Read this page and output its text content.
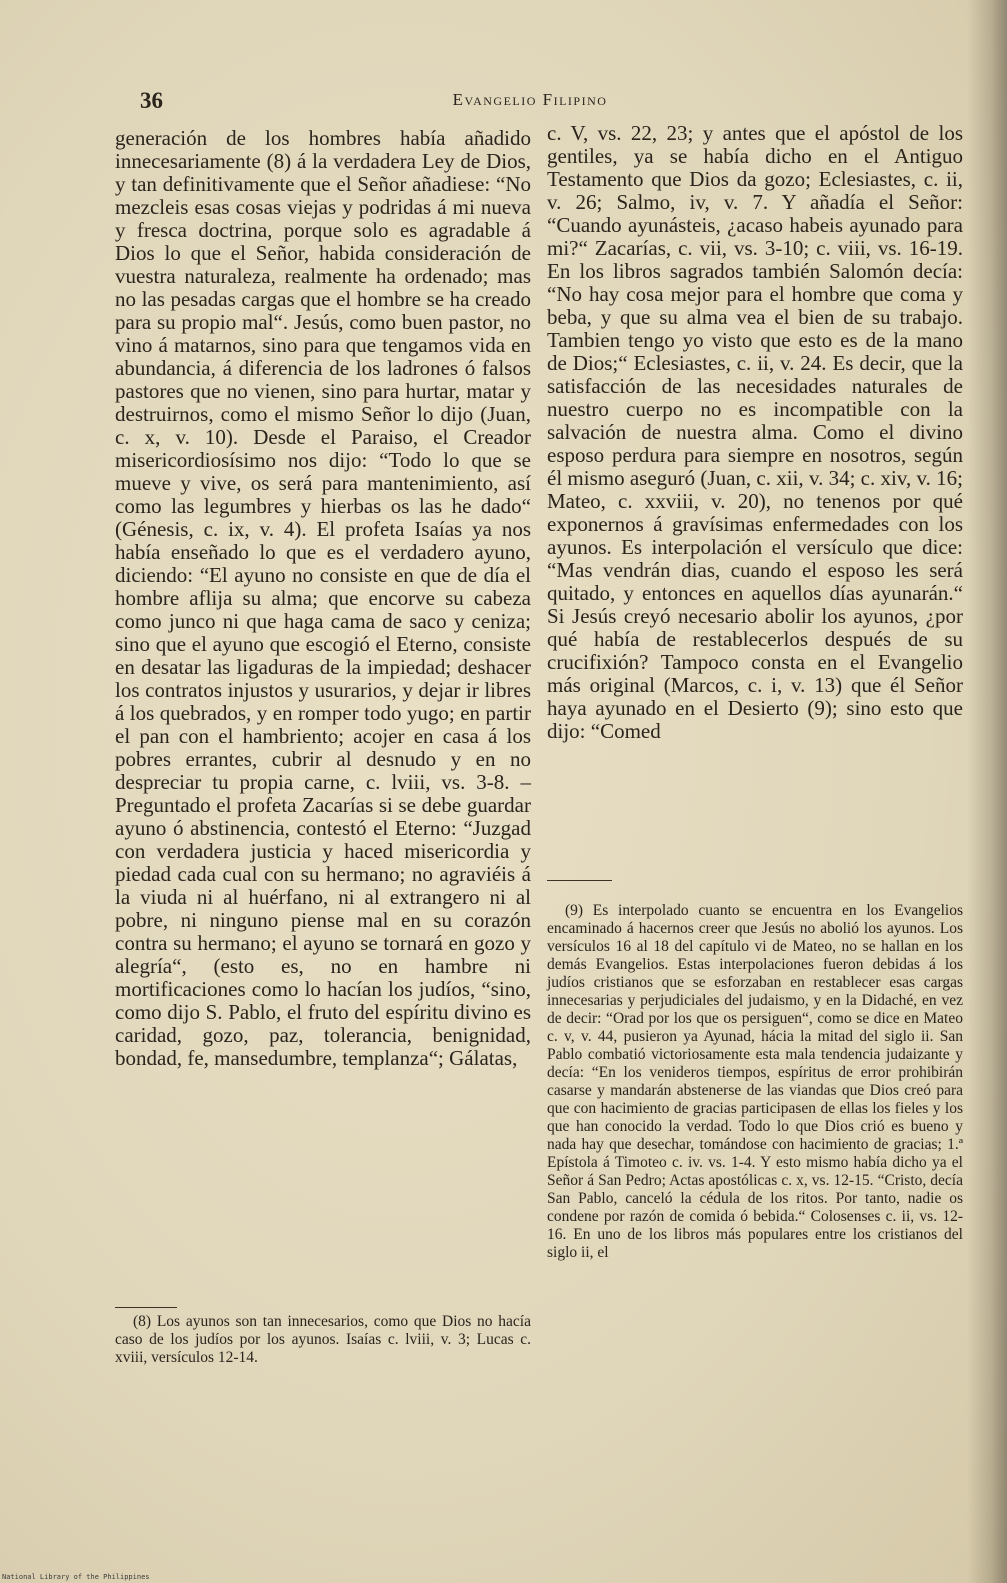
36	Evangelio Filipino

generación de los hombres había añadido innecesariamente (8) á la verdadera Ley de Dios, y tan definitivamente que el Señor añadiese: “No mezcleis esas cosas viejas y podridas á mi nueva y fresca doctrina, porque solo es agradable á Dios lo que el Señor, habida consideración de vuestra naturaleza, realmente ha ordenado; mas no las pesadas cargas que el hombre se ha creado para su propio mal“. Jesús, como buen pastor, no vino á matarnos, sino para que tengamos vida en abundancia, á diferencia de los ladrones ó falsos pastores que no vienen, sino para hurtar, matar y destruirnos, como el mismo Señor lo dijo (Juan, c. x, v. 10). Desde el Paraiso, el Creador misericordiosísimo nos dijo: “Todo lo que se mueve y vive, os será para mantenimiento, así como las legumbres y hierbas os las he dado“ (Génesis, c. ix, v. 4). El profeta Isaías ya nos había enseñado lo que es el verdadero ayuno, diciendo: “El ayuno no consiste en que de día el hombre aflija su alma; que encorve su cabeza como junco ni que haga cama de saco y ceniza; sino que el ayuno que escogió el Eterno, consiste en desatar las ligaduras de la impiedad; deshacer los contratos injustos y usurarios, y dejar ir libres á los quebrados, y en romper todo yugo; en partir el pan con el hambriento; acojer en casa á los pobres errantes, cubrir al desnudo y en no despreciar tu propia carne, c. lviii, vs. 3-8. – Preguntado el profeta Zacarías si se debe guardar ayuno ó abstinencia, contestó el Eterno: “Juzgad con verdadera justicia y haced misericordia y piedad cada cual con su hermano; no agraviéis á la viuda ni al huérfano, ni al extrangero ni al pobre, ni ninguno piense mal en su corazón contra su hermano; el ayuno se tornará en gozo y alegría“, (esto es, no en hambre ni mortificaciones como lo hacían los judíos, “sino, como dijo S. Pablo, el fruto del espíritu divino es caridad, gozo, paz, tolerancia, benignidad, bondad, fe, mansedumbre, templanza“; Gálatas,

c. V, vs. 22, 23; y antes que el apóstol de los gentiles, ya se había dicho en el Antiguo Testamento que Dios da gozo; Eclesiastes, c. ii, v. 26; Salmo, iv, v. 7. Y añadía el Señor: “Cuando ayunásteis, ¿acaso habeis ayunado para mi?“ Zacarías, c. vii, vs. 3-10; c. viii, vs. 16-19. En los libros sagrados también Salomón decía: “No hay cosa mejor para el hombre que coma y beba, y que su alma vea el bien de su trabajo. Tambien tengo yo visto que esto es de la mano de Dios;“ Eclesiastes, c. ii, v. 24. Es decir, que la satisfacción de las necesidades naturales de nuestro cuerpo no es incompatible con la salvación de nuestra alma. Como el divino esposo perdura para siempre en nosotros, según él mismo aseguró (Juan, c. xii, v. 34; c. xiv, v. 16; Mateo, c. xxviii, v. 20), no tenenos por qué exponernos á gravísimas enfermedades con los ayunos. Es interpolación el versículo que dice: “Mas vendrán dias, cuando el esposo les será quitado, y entonces en aquellos días ayunarán.“ Si Jesús creyó necesario abolir los ayunos, ¿por qué había de restablecerlos después de su crucifixión? Tampoco consta en el Evangelio más original (Marcos, c. i, v. 13) que él Señor haya ayunado en el Desierto (9); sino esto que dijo: “Comed

(9) Es interpolado cuanto se encuentra en los Evangelios encaminado á hacernos creer que Jesús no abolió los ayunos. Los versículos 16 al 18 del capítulo vi de Mateo, no se hallan en los demás Evangelios. Estas interpolaciones fueron debidas á los judíos cristianos que se esforzaban en restablecer esas cargas innecesarias y perjudiciales del judaismo, y en la Didaché, en vez de decir: “Orad por los que os persiguen“, como se dice en Mateo c. v, v. 44, pusieron ya Ayunad, hácia la mitad del siglo ii. San Pablo combatió victoriosamente esta mala tendencia judaizante y decía: “En los venideros tiempos, espíritus de error prohibirán casarse y mandarán abstenerse de las viandas que Dios creó para que con hacimiento de gracias participasen de ellas los fieles y los que han conocido la verdad. Todo lo que Dios crió es bueno y nada hay que desechar, tomándose con hacimiento de gracias; 1.ª Epístola á Timoteo c. iv. vs. 1-4. Y esto mismo había dicho ya el Señor á San Pedro; Actas apostólicas c. x, vs. 12-15. “Cristo, decía San Pablo, canceló la cédula de los ritos. Por tanto, nadie os condene por razón de comida ó bebida.“ Colosenses c. ii, vs. 12-16. En uno de los libros más populares entre los cristianos del siglo ii, el
(8) Los ayunos son tan innecesarios, como que Dios no hacía caso de los judíos por los ayunos. Isaías c. lviii, v. 3; Lucas c. xviii, versículos 12-14.
National Library of the Philippines
